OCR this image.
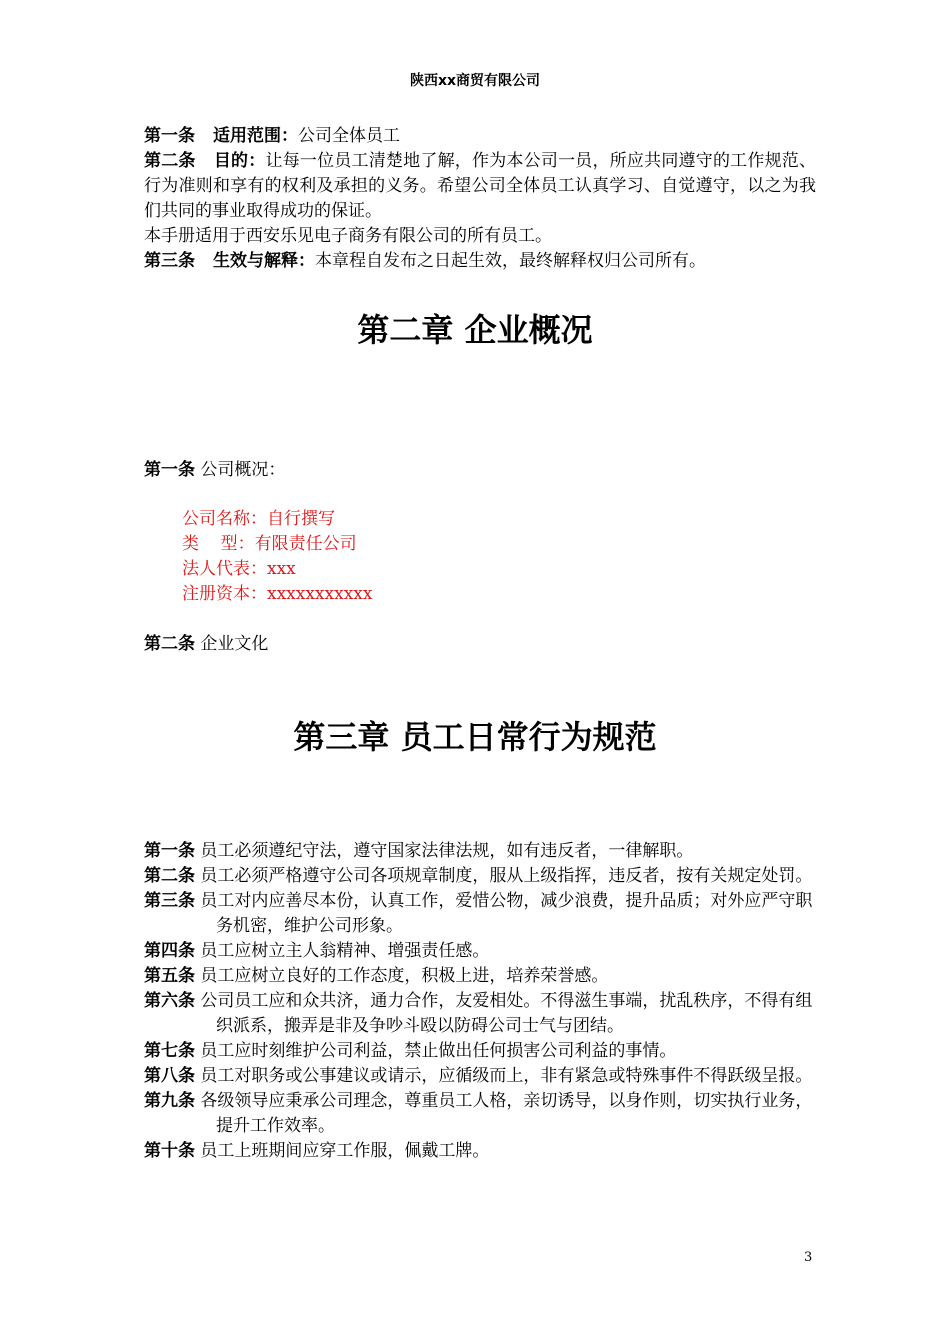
陕西xx商贸有限公司
第一条 适用范围：公司全体员工
第二条 目的：让每一位员工清楚地了解，作为本公司一员，所应共同遵守的工作规范、行为准则和享有的权利及承担的义务。希望公司全体员工认真学习、自觉遵守，以之为我们共同的事业取得成功的保证。
本手册适用于西安乐见电子商务有限公司的所有员工。
第三条 生效与解释：本章程自发布之日起生效，最终解释权归公司所有。
第二章 企业概况
第一条 公司概况：
公司名称：自行撰写
类    型：有限责任公司
法人代表：xxx
注册资本：xxxxxxxxxxx
第二条 企业文化
第三章 员工日常行为规范
第一条 员工必须遵纪守法，遵守国家法律法规，如有违反者，一律解职。
第二条 员工必须严格遵守公司各项规章制度，服从上级指挥，违反者，按有关规定处罚。
第三条 员工对内应善尽本份，认真工作，爱惜公物，减少浪费，提升品质；对外应严守职务机密，维护公司形象。
第四条 员工应树立主人翁精神、增强责任感。
第五条 员工应树立良好的工作态度，积极上进，培养荣誉感。
第六条 公司员工应和众共济，通力合作，友爱相处。不得滋生事端，扰乱秩序，不得有组织派系，搬弄是非及争吵斗殴以防碍公司士气与团结。
第七条 员工应时刻维护公司利益，禁止做出任何损害公司利益的事情。
第八条 员工对职务或公事建议或请示，应循级而上，非有紧急或特殊事件不得跃级呈报。
第九条 各级领导应秉承公司理念，尊重员工人格，亲切诱导，以身作则，切实执行业务，提升工作效率。
第十条 员工上班期间应穿工作服，佩戴工牌。
3
